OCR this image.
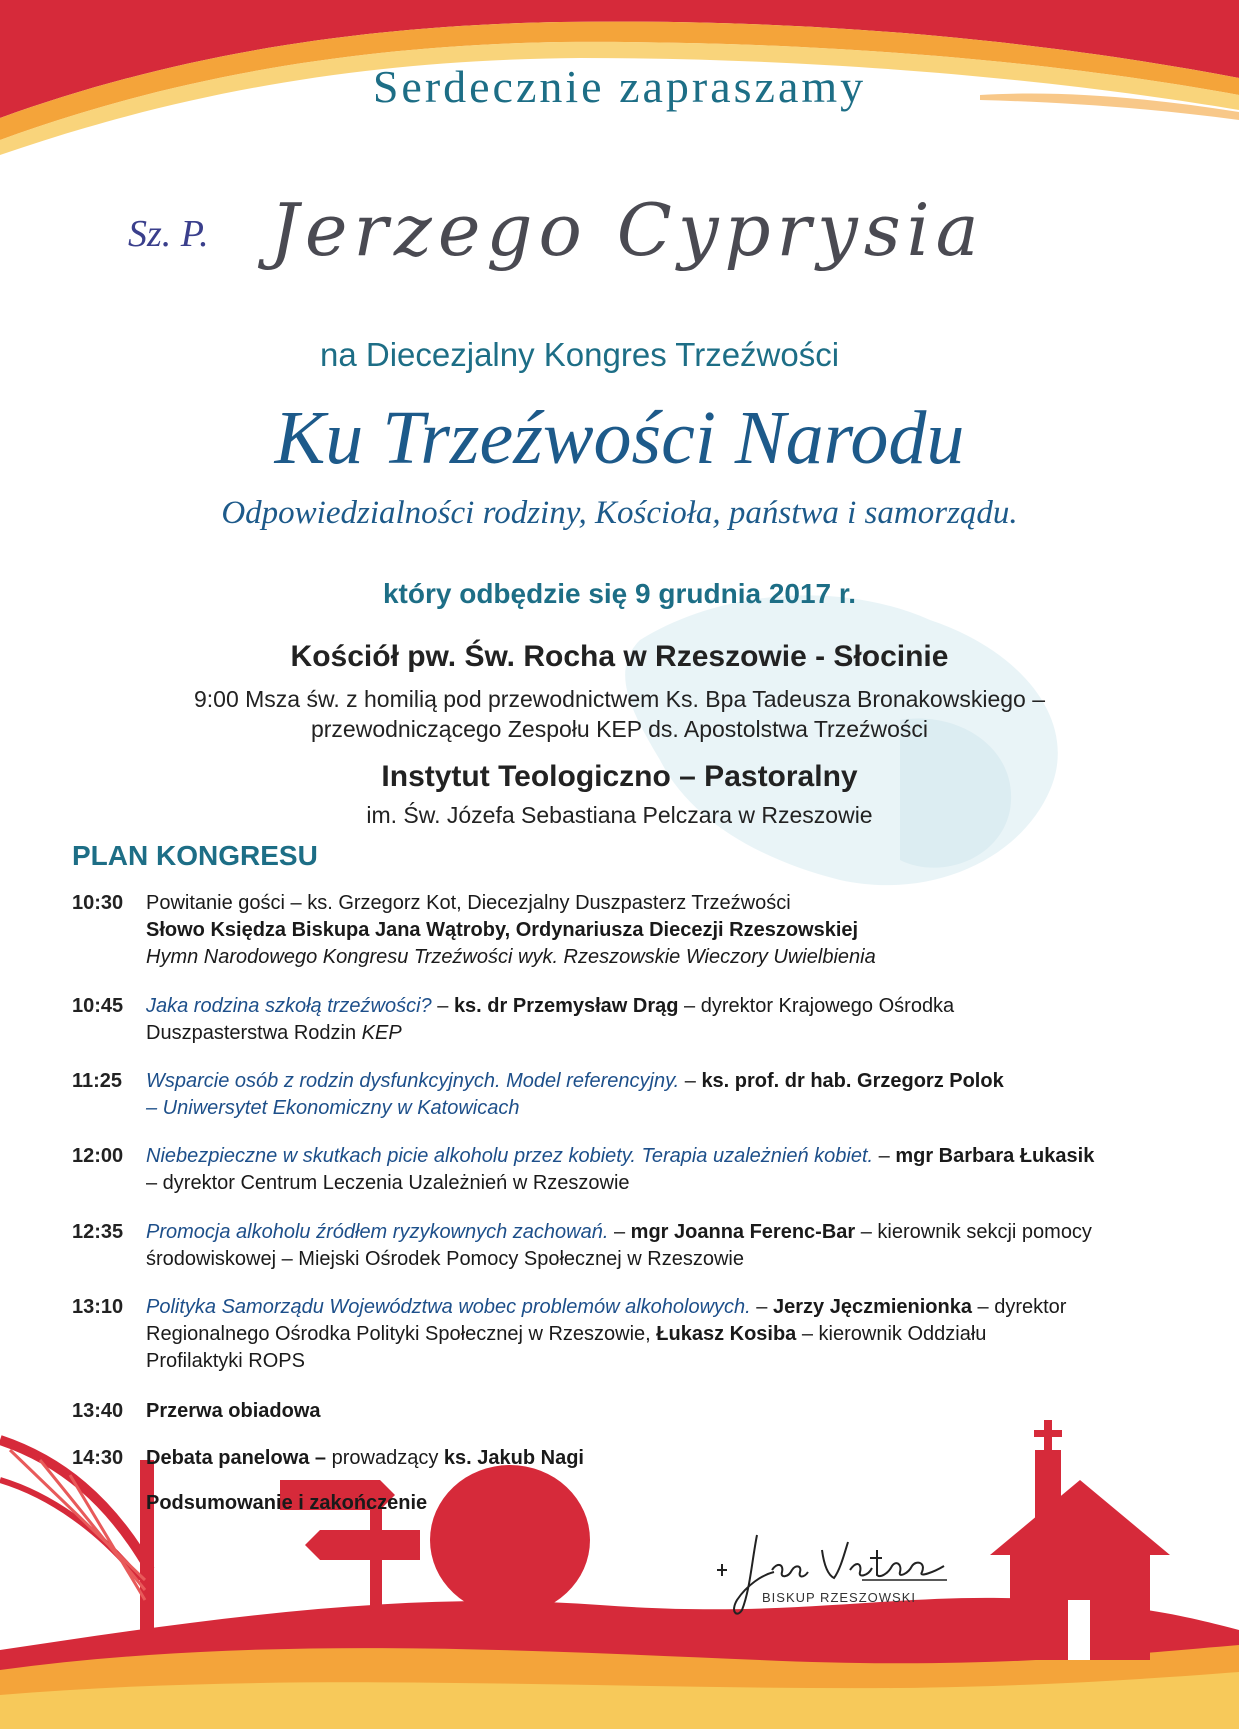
Serdecznie zapraszamy
Sz. P. Jerzego Cyprysia
na Diecezjalny Kongres Trzeźwości
Ku Trzeźwości Narodu
Odpowiedzialności rodziny, Kościoła, państwa i samorządu.
który odbędzie się 9 grudnia 2017 r.
Kościół pw. Św. Rocha w Rzeszowie - Słocinie
9:00 Msza św. z homilią pod przewodnictwem Ks. Bpa Tadeusza Bronakowskiego –
przewodniczącego Zespołu KEP ds. Apostolstwa Trzeźwości
Instytut Teologiczno – Pastoralny
im. Św. Józefa Sebastiana Pelczara w Rzeszowie
PLAN KONGRESU
10:30	Powitanie gości – ks. Grzegorz Kot, Diecezjalny Duszpasterz Trzeźwości
Słowo Księdza Biskupa Jana Wątroby, Ordynariusza Diecezji Rzeszowskiej
Hymn Narodowego Kongresu Trzeźwości wyk. Rzeszowskie Wieczory Uwielbienia
10:45	Jaka rodzina szkołą trzeźwości? – ks. dr Przemysław Drąg – dyrektor Krajowego Ośrodka
Duszpasterstwa Rodzin KEP
11:25	Wsparcie osób z rodzin dysfunkcyjnych. Model referencyjny. – ks. prof. dr hab. Grzegorz Polok
– Uniwersytet Ekonomiczny w Katowicach
12:00	Niebezpieczne w skutkach picie alkoholu przez kobiety. Terapia uzależnień kobiet. – mgr Barbara Łukasik
– dyrektor Centrum Leczenia Uzależnień w Rzeszowie
12:35	Promocja alkoholu źródłem ryzykownych zachowań. – mgr Joanna Ferenc-Bar – kierownik sekcji pomocy
środowiskowej – Miejski Ośrodek Pomocy Społecznej w Rzeszowie
13:10	Polityka Samorządu Województwa wobec problemów alkoholowych. – Jerzy Jęczmienionka – dyrektor
Regionalnego Ośrodka Polityki Społecznej w Rzeszowie, Łukasz Kosiba – kierownik Oddziału
Profilaktyki ROPS
13:40	Przerwa obiadowa
14:30	Debata panelowa – prowadzący ks. Jakub Nagi
Podsumowanie i zakończenie
BISKUP RZESZOWSKI
